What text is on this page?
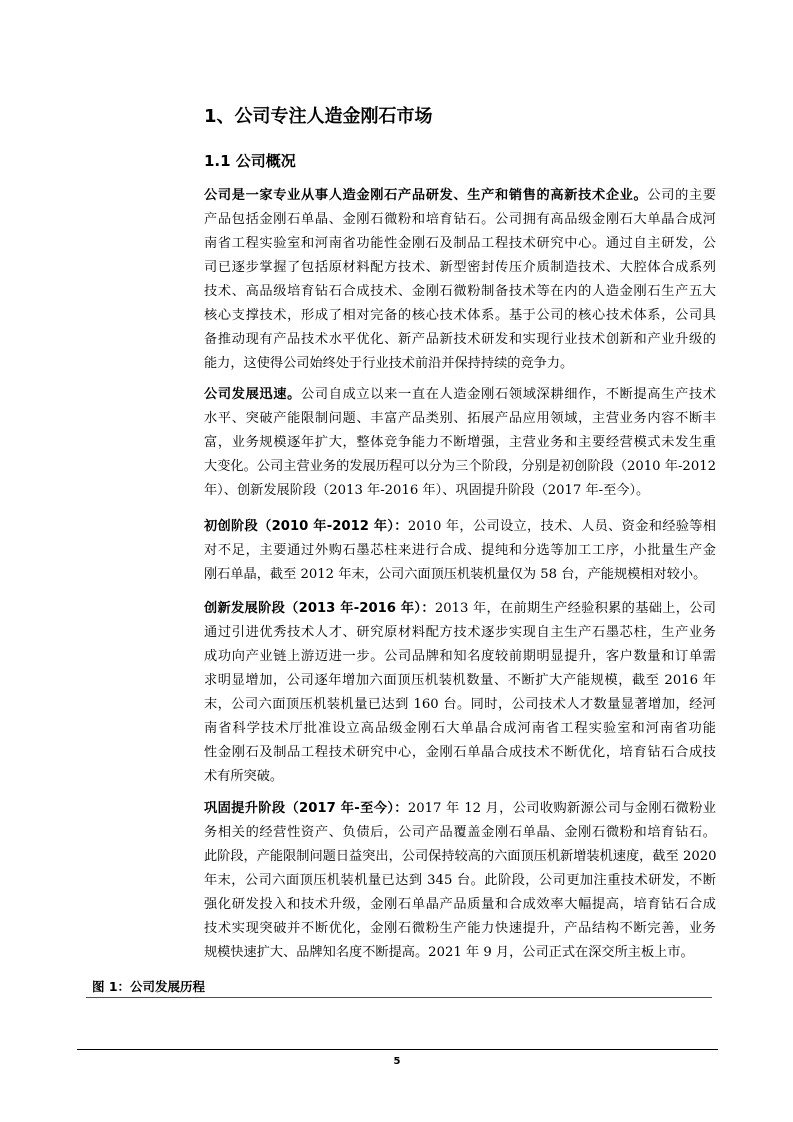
1、公司专注人造金刚石市场
1.1 公司概况
公司是一家专业从事人造金刚石产品研发、生产和销售的高新技术企业。公司的主要
产品包括金刚石单晶、金刚石微粉和培育钻石。公司拥有高品级金刚石大单晶合成河
南省工程实验室和河南省功能性金刚石及制品工程技术研究中心。通过自主研发，公
司已逐步掌握了包括原材料配方技术、新型密封传压介质制造技术、大腔体合成系列
技术、高品级培育钻石合成技术、金刚石微粉制备技术等在内的人造金刚石生产五大
核心支撑技术，形成了相对完备的核心技术体系。基于公司的核心技术体系，公司具
备推动现有产品技术水平优化、新产品新技术研发和实现行业技术创新和产业升级的
能力，这使得公司始终处于行业技术前沿并保持持续的竞争力。
公司发展迅速。公司自成立以来一直在人造金刚石领域深耕细作，不断提高生产技术
水平、突破产能限制问题、丰富产品类别、拓展产品应用领域，主营业务内容不断丰
富，业务规模逐年扩大，整体竞争能力不断增强，主营业务和主要经营模式未发生重
大变化。公司主营业务的发展历程可以分为三个阶段，分别是初创阶段（2010 年-2012
年）、创新发展阶段（2013 年-2016 年）、巩固提升阶段（2017 年-至今）。
初创阶段（2010 年-2012 年）：2010 年，公司设立，技术、人员、资金和经验等相
对不足，主要通过外购石墨芯柱来进行合成、提纯和分选等加工工序，小批量生产金
刚石单晶，截至 2012 年末，公司六面顶压机装机量仅为 58 台，产能规模相对较小。
创新发展阶段（2013 年-2016 年）：2013 年，在前期生产经验积累的基础上，公司
通过引进优秀技术人才、研究原材料配方技术逐步实现自主生产石墨芯柱，生产业务
成功向产业链上游迈进一步。公司品牌和知名度较前期明显提升，客户数量和订单需
求明显增加，公司逐年增加六面顶压机装机数量、不断扩大产能规模，截至 2016 年
末，公司六面顶压机装机量已达到 160 台。同时，公司技术人才数量显著增加，经河
南省科学技术厅批准设立高品级金刚石大单晶合成河南省工程实验室和河南省功能
性金刚石及制品工程技术研究中心，金刚石单晶合成技术不断优化，培育钻石合成技
术有所突破。
巩固提升阶段（2017 年-至今）：2017 年 12 月，公司收购新源公司与金刚石微粉业
务相关的经营性资产、负债后，公司产品覆盖金刚石单晶、金刚石微粉和培育钻石。
此阶段，产能限制问题日益突出，公司保持较高的六面顶压机新增装机速度，截至 2020
年末，公司六面顶压机装机量已达到 345 台。此阶段，公司更加注重技术研发，不断
强化研发投入和技术升级，金刚石单晶产品质量和合成效率大幅提高，培育钻石合成
技术实现突破并不断优化，金刚石微粉生产能力快速提升，产品结构不断完善，业务
规模快速扩大、品牌知名度不断提高。2021 年 9 月，公司正式在深交所主板上市。
图 1：公司发展历程
5
